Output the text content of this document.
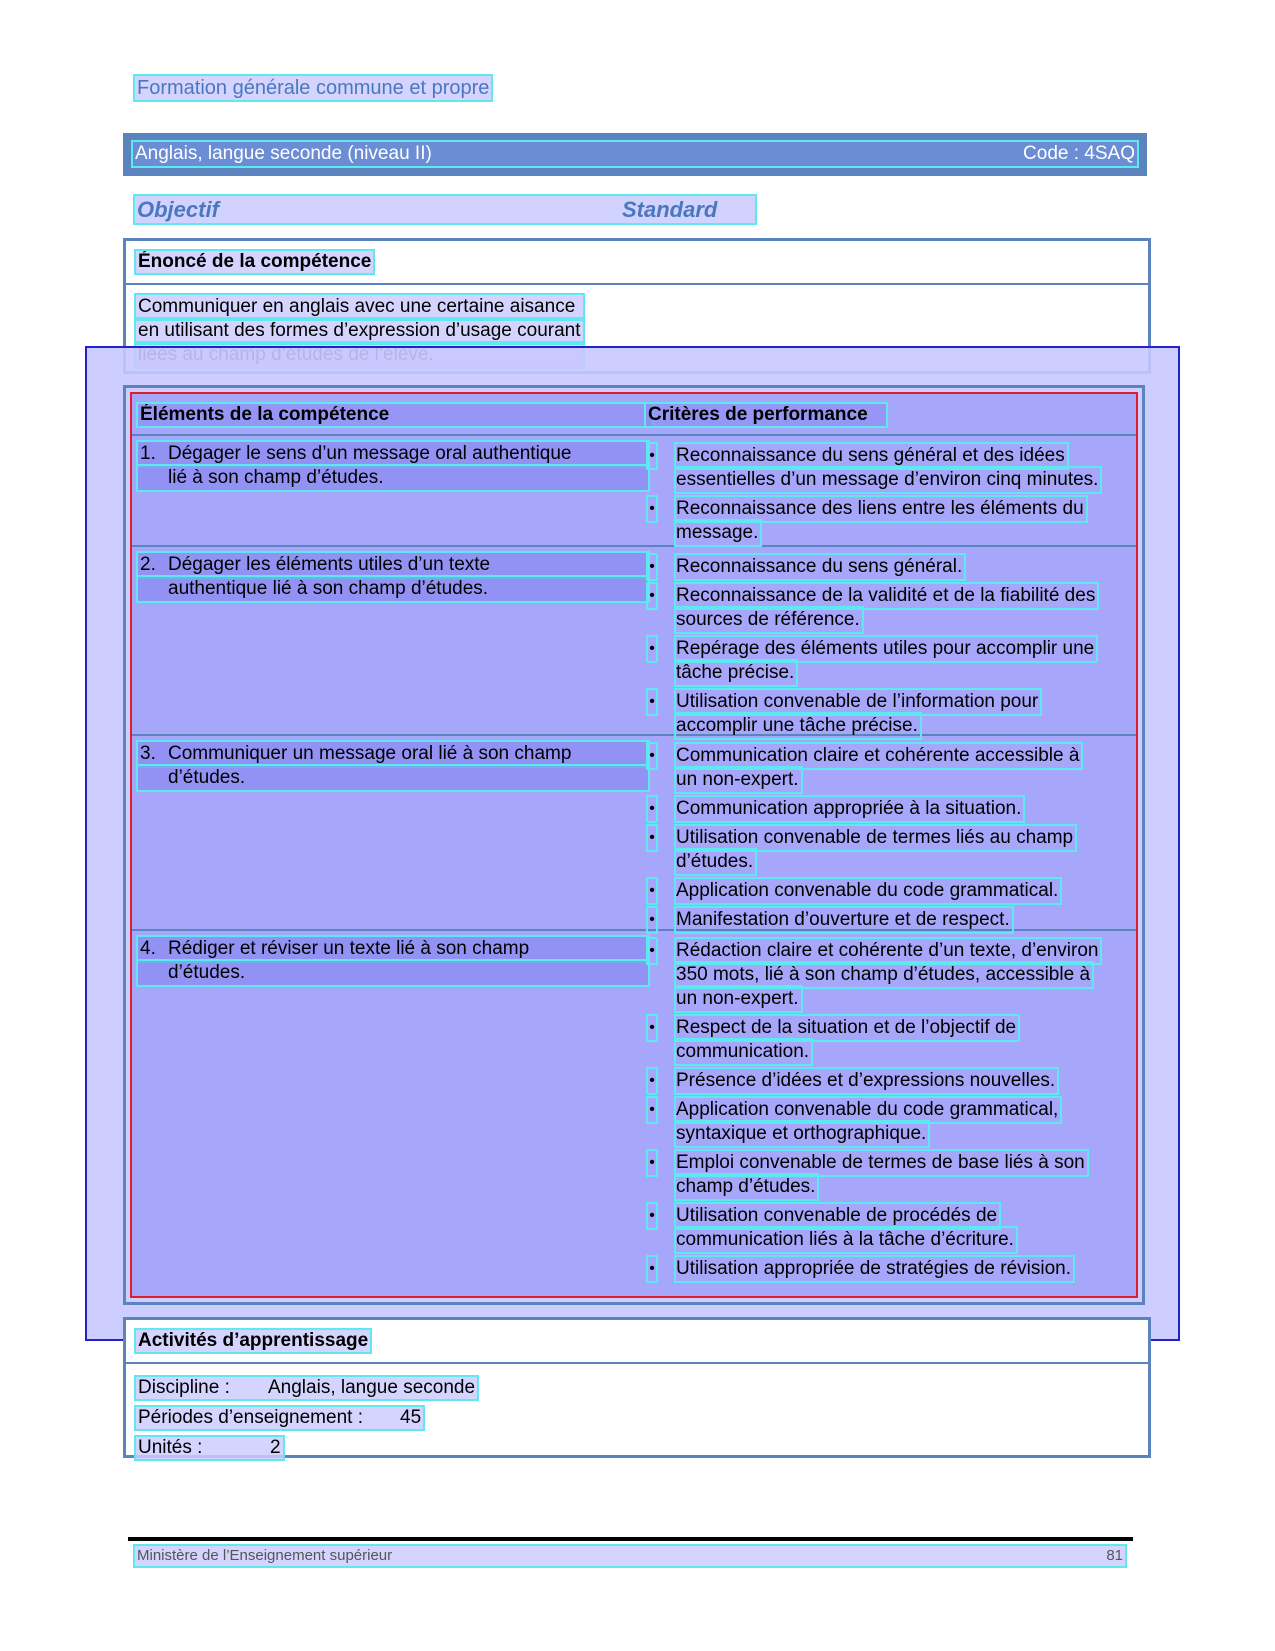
Formation générale commune et propre
Anglais, langue seconde (niveau II)	Code : 4SAQ
Objectif	Standard
Énoncé de la compétence
Communiquer en anglais avec une certaine aisance
en utilisant des formes d’expression d’usage courant
Éléments de la compétence	Critères de performance
1. Dégager le sens d’un message oral authentique
lié à son champ d’études.
• Reconnaissance du sens général et des idées
essentielles d’un message d’environ cinq minutes.

• Reconnaissance des liens entre les éléments du
message.

2. Dégager les éléments utiles d’un texte
authentique lié à son champ d’études.
• Reconnaissance du sens général.

• Reconnaissance de la validité et de la fiabilité des
sources de référence.

• Repérage des éléments utiles pour accomplir une
tâche précise.

• Utilisation convenable de l’information pour
accomplir une tâche précise.

3. Communiquer un message oral lié à son champ
d’études.
• Communication claire et cohérente accessible à
un non-expert.

• Communication appropriée à la situation.

• Utilisation convenable de termes liés au champ
d’études.

• Application convenable du code grammatical.

• Manifestation d’ouverture et de respect.

4. Rédiger et réviser un texte lié à son champ
d’études.
• Rédaction claire et cohérente d’un texte, d’environ
350 mots, lié à son champ d’études, accessible à
un non-expert.

• Respect de la situation et de l’objectif de
communication.

• Présence d’idées et d’expressions nouvelles.

• Application convenable du code grammatical,
syntaxique et orthographique.

• Emploi convenable de termes de base liés à son
champ d’études.

• Utilisation convenable de procédés de
communication liés à la tâche d’écriture.

• Utilisation appropriée de stratégies de révision.

Activités d’apprentissage
Discipline : Anglais, langue seconde
Périodes d’enseignement : 45
Unités :	2
Ministère de l’Enseignement supérieur	81
